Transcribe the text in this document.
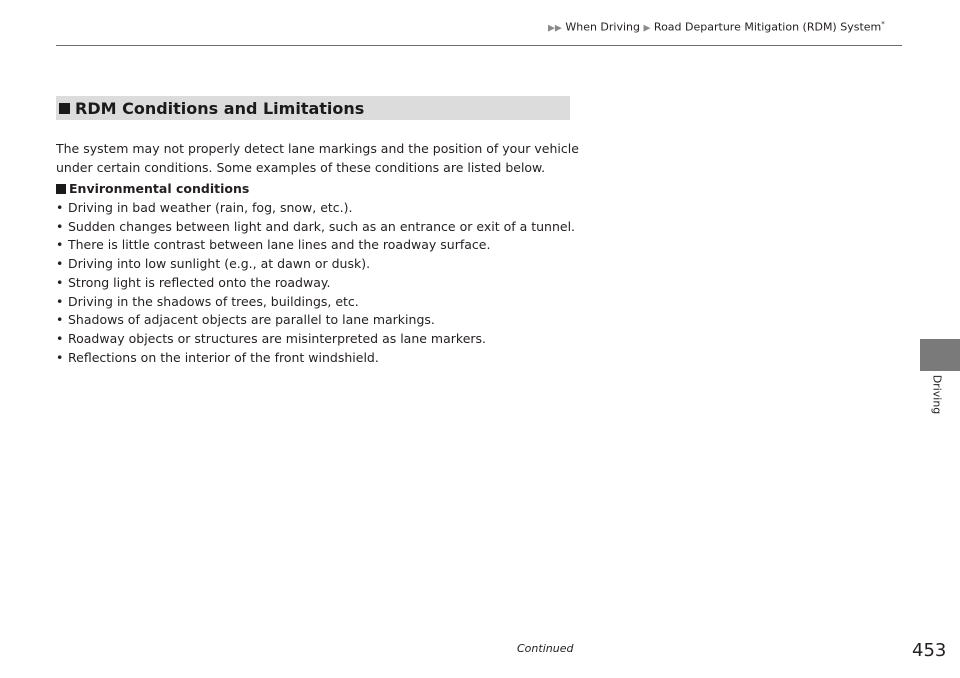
▶▶ When Driving ▶ Road Departure Mitigation (RDM) System*
RDM Conditions and Limitations

The system may not properly detect lane markings and the position of your vehicle under certain conditions. Some examples of these conditions are listed below.

Environmental conditions
• Driving in bad weather (rain, fog, snow, etc.).
• Sudden changes between light and dark, such as an entrance or exit of a tunnel.
• There is little contrast between lane lines and the roadway surface.
• Driving into low sunlight (e.g., at dawn or dusk).
• Strong light is reflected onto the roadway.
• Driving in the shadows of trees, buildings, etc.
• Shadows of adjacent objects are parallel to lane markings.
• Roadway objects or structures are misinterpreted as lane markers.
• Reflections on the interior of the front windshield.
Driving
Continued	453
